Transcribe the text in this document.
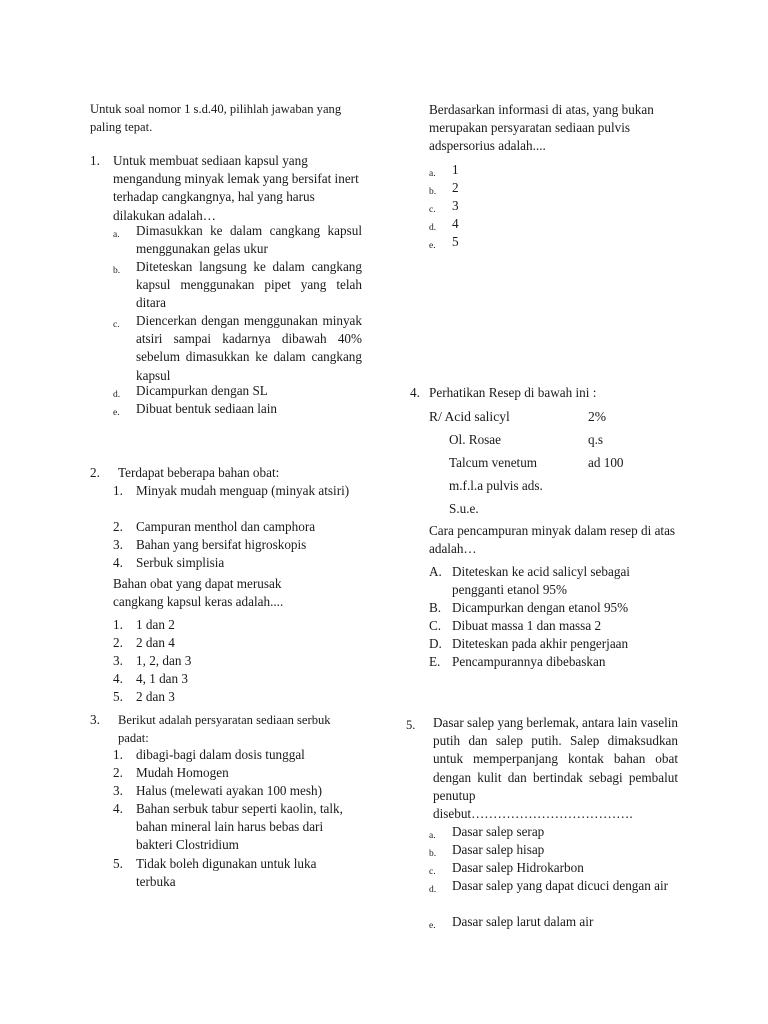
Untuk soal nomor 1 s.d.40, pilihlah jawaban yang paling tepat.
1. Untuk membuat sediaan kapsul yang mengandung minyak lemak yang bersifat inert terhadap cangkangnya, hal yang harus dilakukan adalah…
a. Dimasukkan ke dalam cangkang kapsul menggunakan gelas ukur
b. Diteteskan langsung ke dalam cangkang kapsul menggunakan pipet yang telah ditara
c. Diencerkan dengan menggunakan minyak atsiri sampai kadarnya dibawah 40% sebelum dimasukkan ke dalam cangkang kapsul
d. Dicampurkan dengan SL
e. Dibuat bentuk sediaan lain
2. Terdapat beberapa bahan obat:
1. Minyak mudah menguap (minyak atsiri)
2. Campuran menthol dan camphora
3. Bahan yang bersifat higroskopis
4. Serbuk simplisia
Bahan obat yang dapat merusak cangkang kapsul keras adalah....
1. 1 dan 2
2. 2 dan 4
3. 1, 2, dan 3
4. 4, 1 dan 3
5. 2 dan 3
3. Berikut adalah persyaratan sediaan serbuk padat:
1. dibagi-bagi dalam dosis tunggal
2. Mudah Homogen
3. Halus (melewati ayakan 100 mesh)
4. Bahan serbuk tabur seperti kaolin, talk, bahan mineral lain harus bebas dari bakteri Clostridium
5. Tidak boleh digunakan untuk luka terbuka
Berdasarkan informasi di atas, yang bukan merupakan persyaratan sediaan pulvis adspersorius adalah....
a. 1
b. 2
c. 3
d. 4
e. 5
4. Perhatikan Resep di bawah ini :
R/ Acid salicyl	2%
Ol. Rosae	q.s
Talcum venetum	ad 100
m.f.l.a pulvis ads.
S.u.e.
Cara pencampuran minyak dalam resep di atas adalah…
A. Diteteskan ke acid salicyl sebagai pengganti etanol 95%
B. Dicampurkan dengan etanol 95%
C. Dibuat massa 1 dan massa 2
D. Diteteskan pada akhir pengerjaan
E. Pencampurannya dibebaskan
5. Dasar salep yang berlemak, antara lain vaselin putih dan salep putih. Salep dimaksudkan untuk memperpanjang kontak bahan obat dengan kulit dan bertindak sebagi pembalut penutup disebut……………………………….
a. Dasar salep serap
b. Dasar salep hisap
c. Dasar salep Hidrokarbon
d. Dasar salep yang dapat dicuci dengan air
e. Dasar salep larut dalam air
